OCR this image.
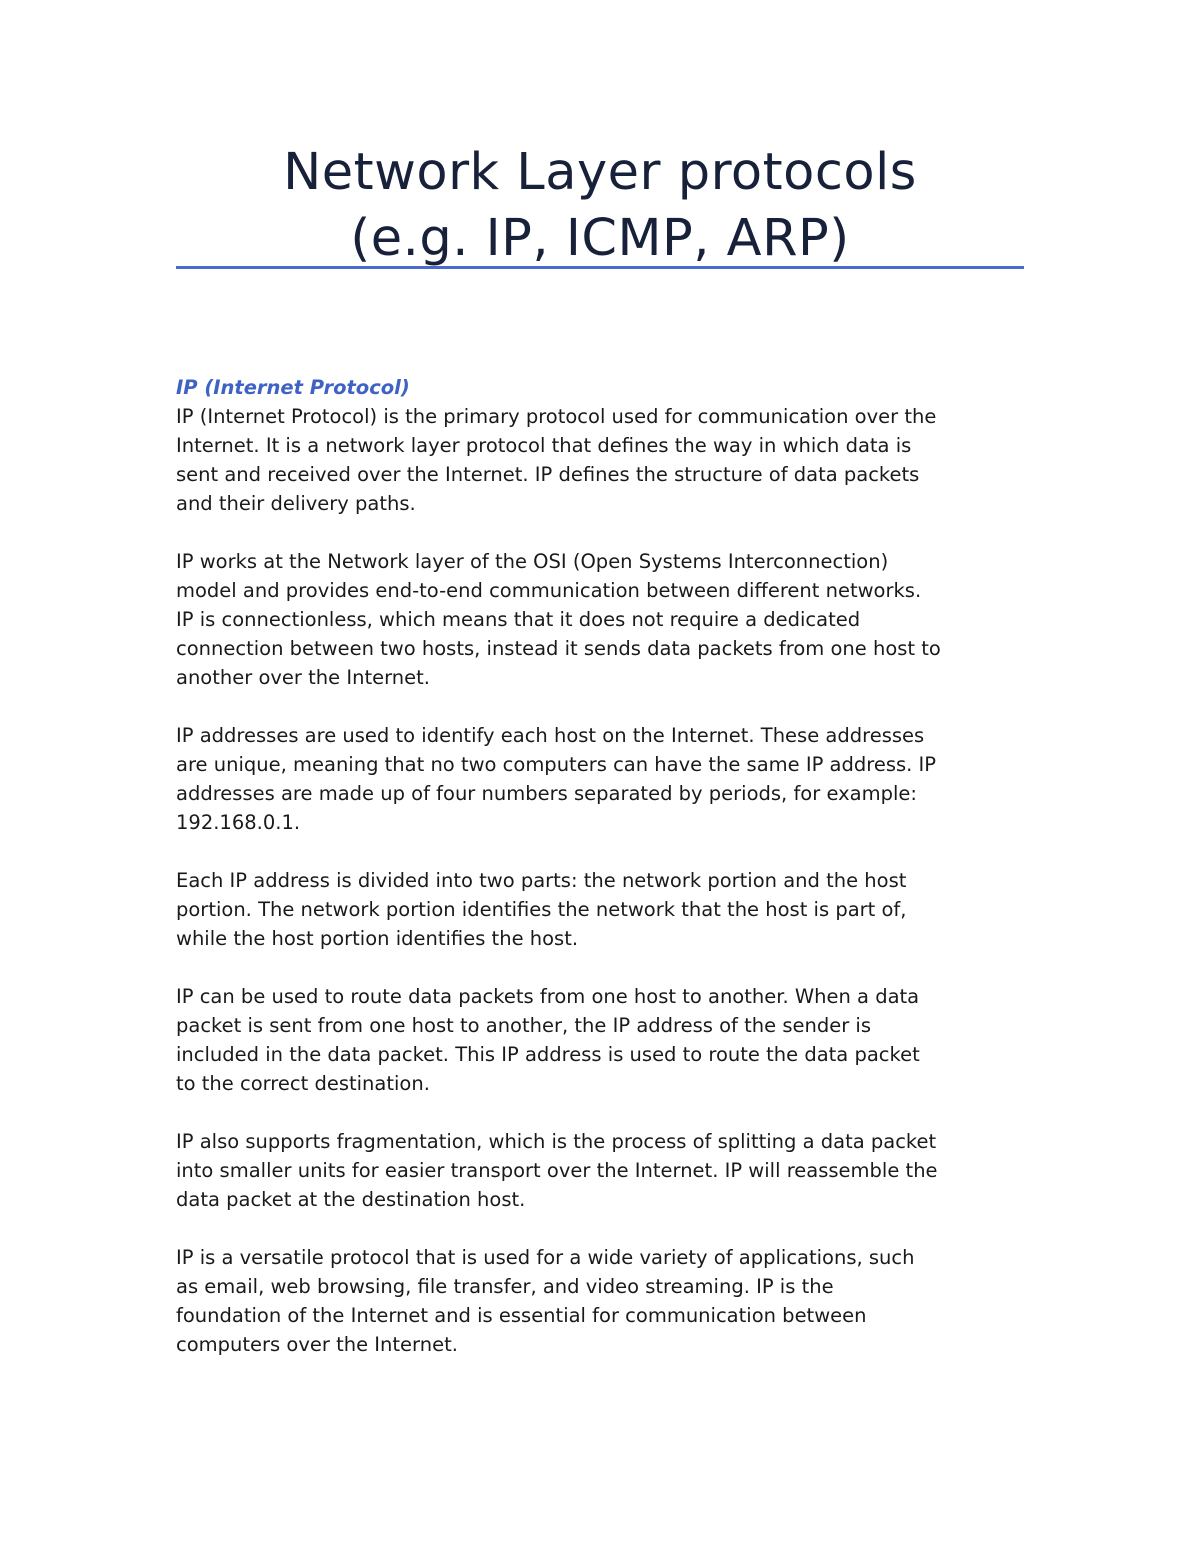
Network Layer protocols
(e.g. IP, ICMP, ARP)
IP (Internet Protocol)
IP (Internet Protocol) is the primary protocol used for communication over the
Internet. It is a network layer protocol that defines the way in which data is
sent and received over the Internet. IP defines the structure of data packets
and their delivery paths.
IP works at the Network layer of the OSI (Open Systems Interconnection)
model and provides end-to-end communication between different networks.
IP is connectionless, which means that it does not require a dedicated
connection between two hosts, instead it sends data packets from one host to
another over the Internet.
IP addresses are used to identify each host on the Internet. These addresses
are unique, meaning that no two computers can have the same IP address. IP
addresses are made up of four numbers separated by periods, for example:
192.168.0.1.
Each IP address is divided into two parts: the network portion and the host
portion. The network portion identifies the network that the host is part of,
while the host portion identifies the host.
IP can be used to route data packets from one host to another. When a data
packet is sent from one host to another, the IP address of the sender is
included in the data packet. This IP address is used to route the data packet
to the correct destination.
IP also supports fragmentation, which is the process of splitting a data packet
into smaller units for easier transport over the Internet. IP will reassemble the
data packet at the destination host.
IP is a versatile protocol that is used for a wide variety of applications, such
as email, web browsing, file transfer, and video streaming. IP is the
foundation of the Internet and is essential for communication between
computers over the Internet.
